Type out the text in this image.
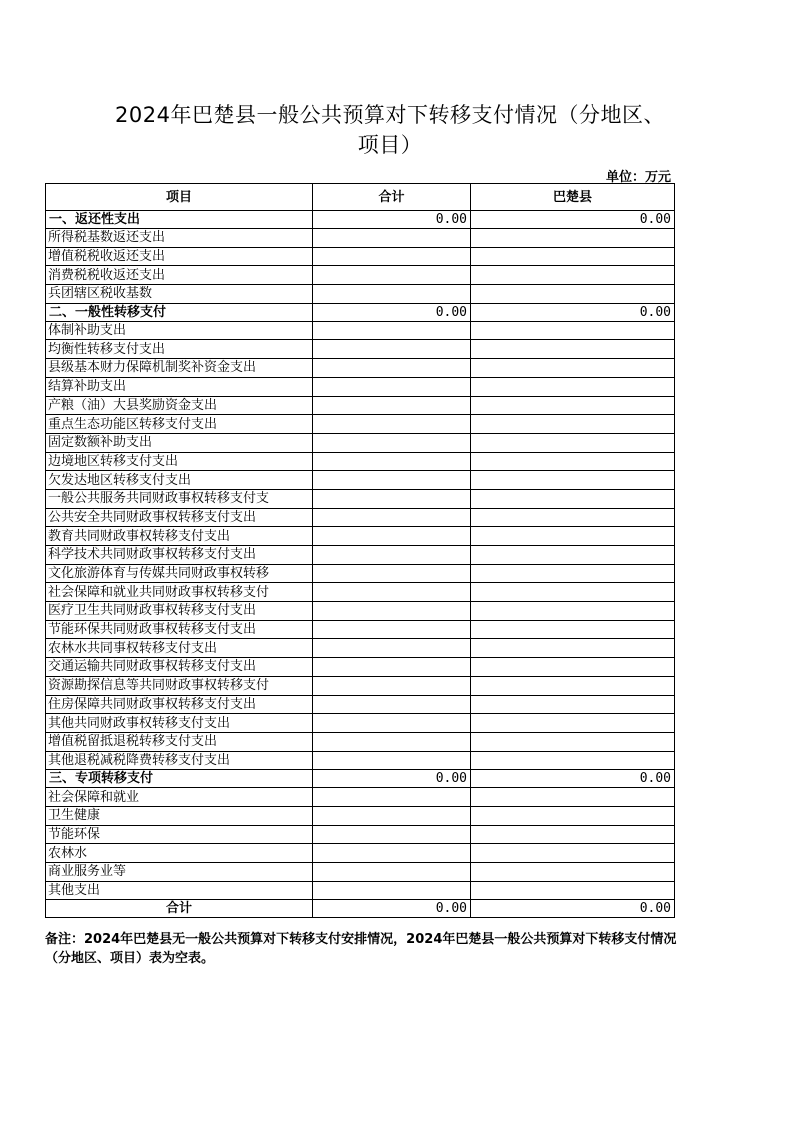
2024年巴楚县一般公共预算对下转移支付情况（分地区、

项目）
单位：万元
项目	合计	巴楚县
一、返还性支出	0.00	0.00
所得税基数返还支出		
增值税税收返还支出		
消费税税收返还支出		
兵团辖区税收基数		
二、一般性转移支付	0.00	0.00
体制补助支出		
均衡性转移支付支出		
县级基本财力保障机制奖补资金支出		
结算补助支出		
产粮（油）大县奖励资金支出		
重点生态功能区转移支付支出		
固定数额补助支出		
边境地区转移支付支出		
欠发达地区转移支付支出		
一般公共服务共同财政事权转移支付支		
公共安全共同财政事权转移支付支出		
教育共同财政事权转移支付支出		
科学技术共同财政事权转移支付支出		
文化旅游体育与传媒共同财政事权转移		
社会保障和就业共同财政事权转移支付		
医疗卫生共同财政事权转移支付支出		
节能环保共同财政事权转移支付支出		
农林水共同事权转移支付支出		
交通运输共同财政事权转移支付支出		
资源勘探信息等共同财政事权转移支付		
住房保障共同财政事权转移支付支出		
其他共同财政事权转移支付支出		
增值税留抵退税转移支付支出		
其他退税减税降费转移支付支出		
三、专项转移支付	0.00	0.00
社会保障和就业		
卫生健康		
节能环保		
农林水		
商业服务业等		
其他支出		
合计	0.00	0.00
备注：2024年巴楚县无一般公共预算对下转移支付安排情况，2024年巴楚县一般公共预算对下转移支付情况（分地区、项目）表为空表。
